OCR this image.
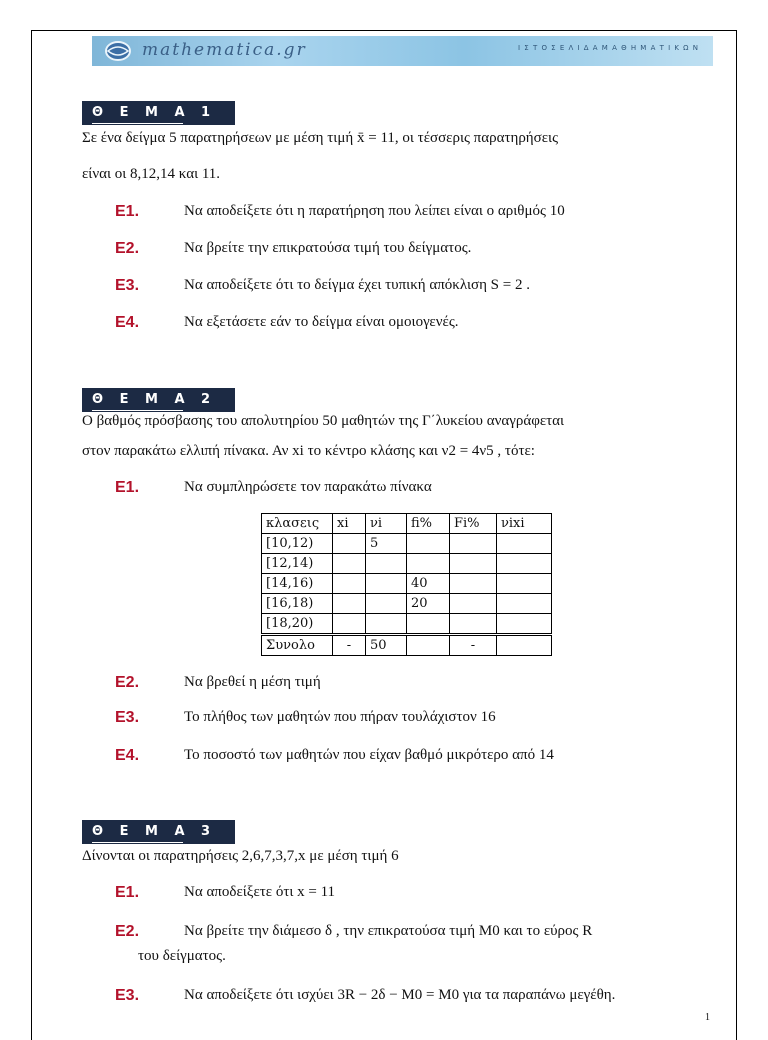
mathematica.gr	Ι Σ Τ Ο Σ Ε Λ Ι Δ Α Μ Α Θ Η Μ Α Τ Ι Κ Ω Ν
Θ Ε Μ Α 1
Σε ένα δείγμα 5 παρατηρήσεων με μέση τιμή x̄ = 11, οι τέσσερις παρατηρήσεις
είναι οι 8,12,14 και 11.
Ε1.	Να αποδείξετε ότι η παρατήρηση που λείπει είναι ο αριθμός 10
Ε2.	Να βρείτε την επικρατούσα τιμή του δείγματος.
Ε3.	Να αποδείξετε ότι το δείγμα έχει τυπική απόκλιση S = 2 .
Ε4.	Να εξετάσετε εάν το δείγμα είναι ομοιογενές.
Θ Ε Μ Α 2
Ο βαθμός πρόσβασης του απολυτηρίου 50 μαθητών της Γ΄λυκείου αναγράφεται
στον παρακάτω ελλιπή πίνακα. Αν xi το κέντρο κλάσης και ν2 = 4ν5 , τότε:
Ε1.	Να συμπληρώσετε τον παρακάτω πίνακα
κλασεις	xi	νi	fi%	Fi%	νixi
[10,12)		5			
[12,14)					
[14,16)			40		
[16,18)			20		
[18,20)					
Συνολο	-	50		-	
Ε2.	Να βρεθεί η μέση τιμή
Ε3.	Το πλήθος των μαθητών που πήραν τουλάχιστον 16
Ε4.	Το ποσοστό των μαθητών που είχαν βαθμό μικρότερο από 14
Θ Ε Μ Α 3
Δίνονται οι παρατηρήσεις 2,6,7,3,7,x με μέση τιμή 6
Ε1.	Να αποδείξετε ότι x = 11
Ε2.	Να βρείτε την διάμεσο δ , την επικρατούσα τιμή M0 και το εύρος R
του δείγματος.
Ε3.	Να αποδείξετε ότι ισχύει 3R − 2δ − M0 = M0 για τα παραπάνω μεγέθη.
1
